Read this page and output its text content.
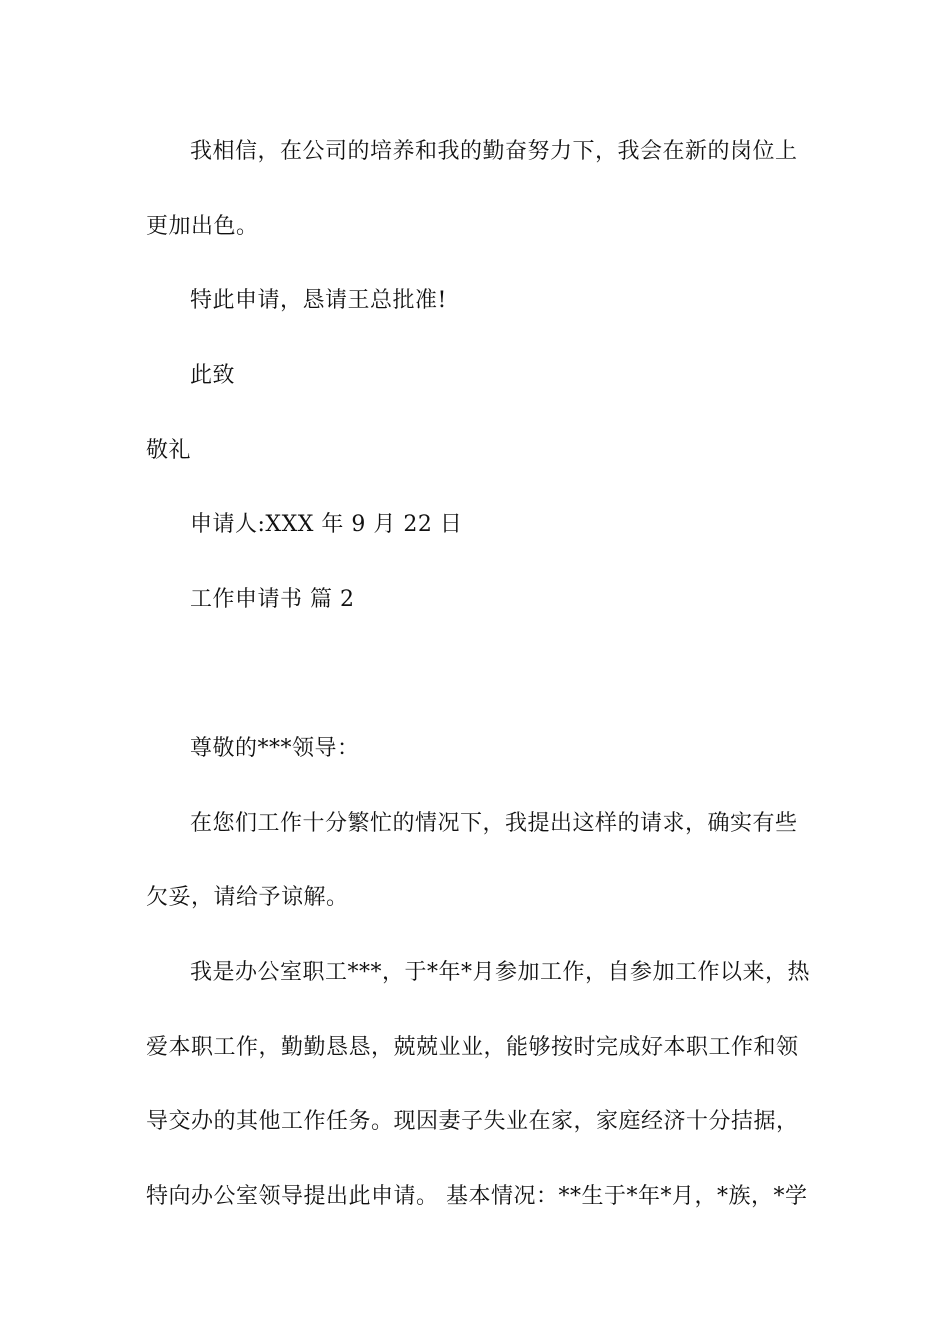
我相信，在公司的培养和我的勤奋努力下，我会在新的岗位上
更加出色。
特此申请，恳请王总批准!
此致
敬礼
申请人:XXX 年 9 月 22 日
工作申请书 篇 2
尊敬的***领导：
在您们工作十分繁忙的情况下，我提出这样的请求，确实有些
欠妥，请给予谅解。
我是办公室职工***，于*年*月参加工作，自参加工作以来，热
爱本职工作，勤勤恳恳，兢兢业业，能够按时完成好本职工作和领
导交办的其他工作任务。现因妻子失业在家，家庭经济十分拮据，
特向办公室领导提出此申请。 基本情况：**生于*年*月，*族，*学
